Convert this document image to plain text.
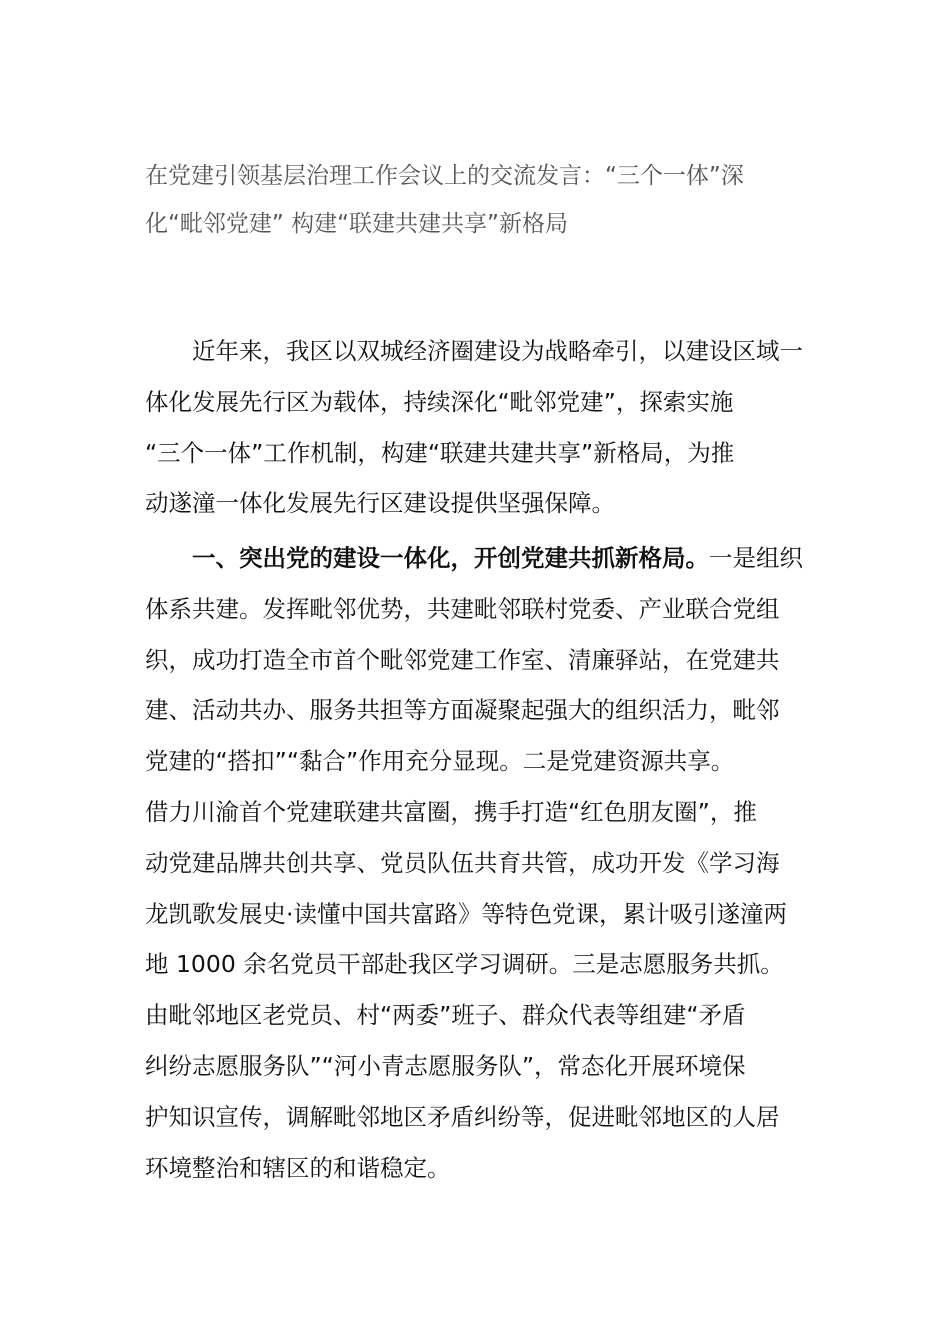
在党建引领基层治理工作会议上的交流发言：“三个一体”深
化“毗邻党建” 构建“联建共建共享”新格局

近年来，我区以双城经济圈建设为战略牵引，以建设区域一
体化发展先行区为载体，持续深化“毗邻党建”，探索实施
“三个一体”工作机制，构建“联建共建共享”新格局，为推
动遂潼一体化发展先行区建设提供坚强保障。

一、突出党的建设一体化，开创党建共抓新格局。一是组织
体系共建。发挥毗邻优势，共建毗邻联村党委、产业联合党组
织，成功打造全市首个毗邻党建工作室、清廉驿站，在党建共
建、活动共办、服务共担等方面凝聚起强大的组织活力，毗邻
党建的“搭扣”“黏合”作用充分显现。二是党建资源共享。
借力川渝首个党建联建共富圈，携手打造“红色朋友圈”，推
动党建品牌共创共享、党员队伍共育共管，成功开发《学习海
龙凯歌发展史·读懂中国共富路》等特色党课，累计吸引遂潼两
地 1000 余名党员干部赴我区学习调研。三是志愿服务共抓。
由毗邻地区老党员、村“两委”班子、群众代表等组建“矛盾
纠纷志愿服务队”“河小青志愿服务队”，常态化开展环境保
护知识宣传，调解毗邻地区矛盾纠纷等，促进毗邻地区的人居
环境整治和辖区的和谐稳定。
